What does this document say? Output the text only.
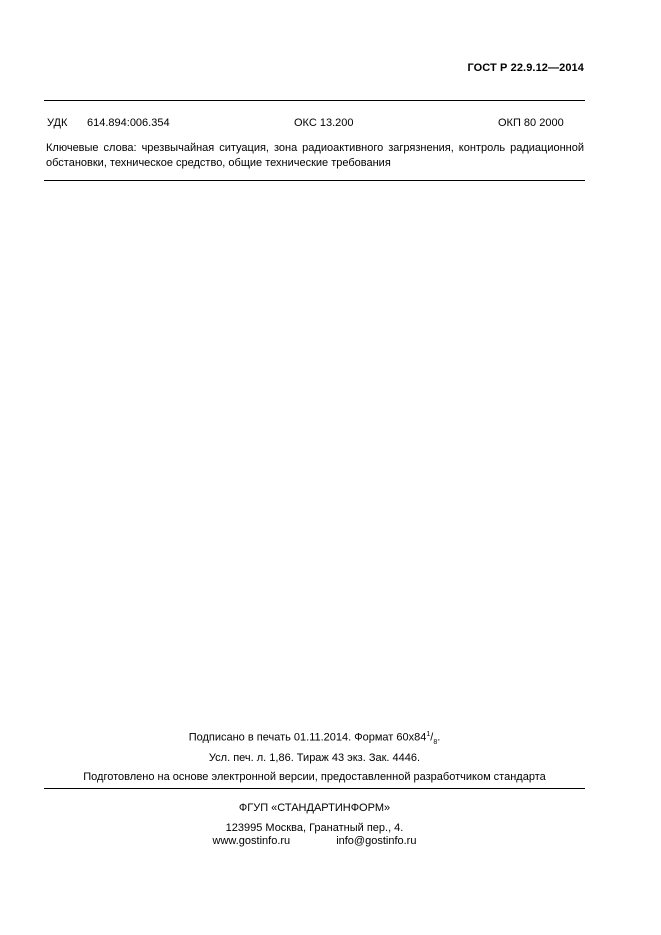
ГОСТ Р 22.9.12—2014
УДК 614.894:006.354	ОКС 13.200	ОКП 80 2000
Ключевые слова: чрезвычайная ситуация, зона радиоактивного загрязнения, контроль радиационной обстановки, техническое средство, общие технические требования
Подписано в печать 01.11.2014. Формат $60х84^1/_8$.
Усл. печ. л. 1,86. Тираж 43 экз. Зак. 4446.
Подготовлено на основе электронной версии, предоставленной разработчиком стандарта
ФГУП «СТАНДАРТИНФОРМ»
123995 Москва, Гранатный пер., 4.
www.gostinfo.ru	info@gostinfo.ru
